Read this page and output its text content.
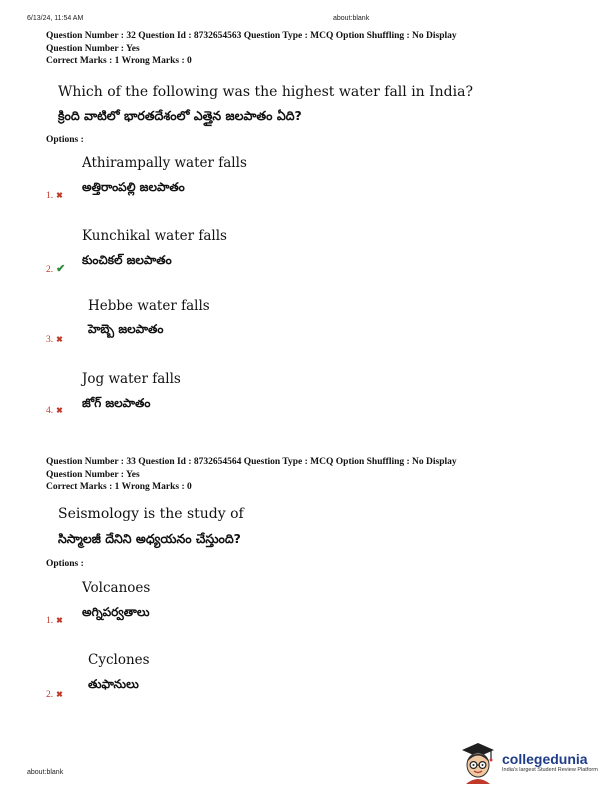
6/13/24, 11:54 AM	about:blank
Question Number : 32 Question Id : 8732654563 Question Type : MCQ Option Shuffling : No Display
Question Number : Yes
Correct Marks : 1 Wrong Marks : 0
Which of the following was the highest water fall in India?
క్రింది వాటిలో భారతదేశంలో ఎత్తైన జలపాతం ఏది?
Options :
Athirampally water falls
అత్తిరాంపల్లి జలపాతం
1. ✖
Kunchikal water falls
కుంచికల్ జలపాతం
2. ✔
Hebbe water falls
హెబ్బె జలపాతం
3. ✖
Jog water falls
జోగ్ జలపాతం
4. ✖
Question Number : 33 Question Id : 8732654564 Question Type : MCQ Option Shuffling : No Display
Question Number : Yes
Correct Marks : 1 Wrong Marks : 0
Seismology is the study of
సిస్మాలజీ దేనిని అధ్యయనం చేస్తుంది?
Options :
Volcanoes
అగ్నిపర్వతాలు
1. ✖
Cyclones
తుఫానులు
2. ✖
about:blank
collegedunia
India's largest Student Review Platform
